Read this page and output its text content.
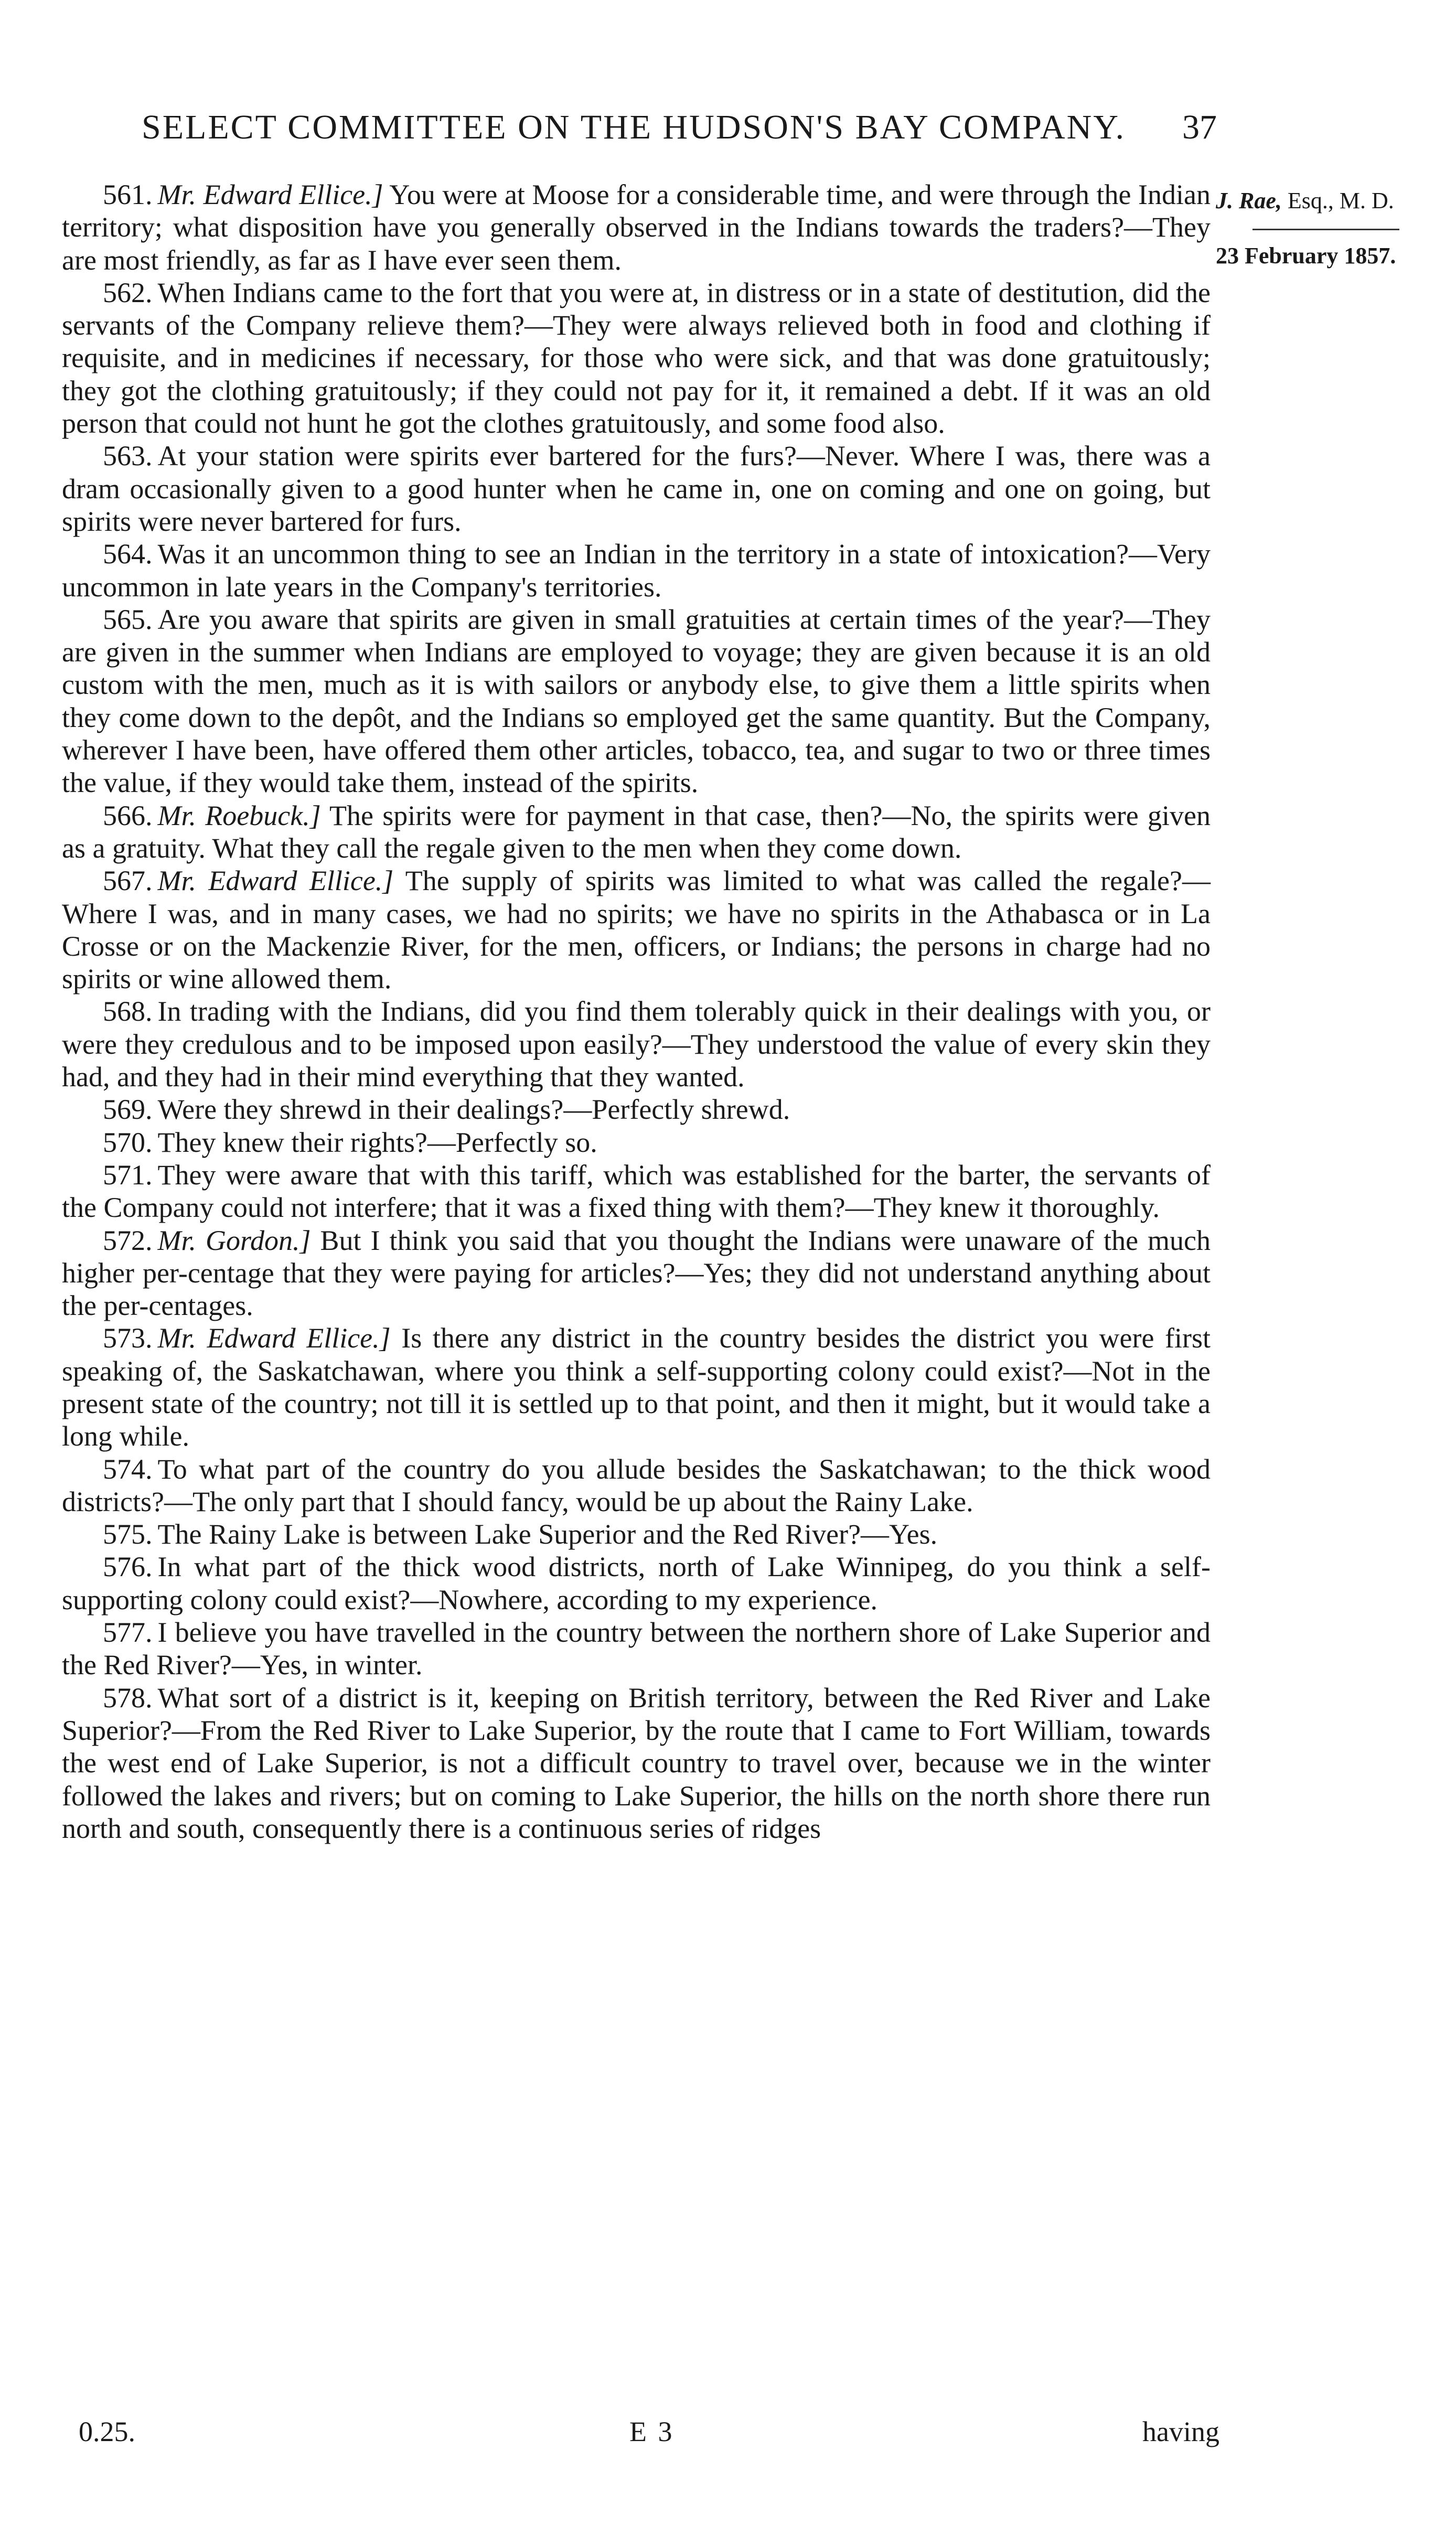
SELECT COMMITTEE ON THE HUDSON'S BAY COMPANY. 37
J. Rae, Esq., M. D.
23 February 1857.

561. Mr. Edward Ellice.] You were at Moose for a considerable time, and were through the Indian territory; what disposition have you generally observed in the Indians towards the traders?—They are most friendly, as far as I have ever seen them.

562. When Indians came to the fort that you were at, in distress or in a state of destitution, did the servants of the Company relieve them?—They were always relieved both in food and clothing if requisite, and in medicines if necessary, for those who were sick, and that was done gratuitously; they got the clothing gratuitously; if they could not pay for it, it remained a debt. If it was an old person that could not hunt he got the clothes gratuitously, and some food also.

563. At your station were spirits ever bartered for the furs?—Never. Where I was, there was a dram occasionally given to a good hunter when he came in, one on coming and one on going, but spirits were never bartered for furs.

564. Was it an uncommon thing to see an Indian in the territory in a state of intoxication?—Very uncommon in late years in the Company's territories.

565. Are you aware that spirits are given in small gratuities at certain times of the year?—They are given in the summer when Indians are employed to voyage; they are given because it is an old custom with the men, much as it is with sailors or anybody else, to give them a little spirits when they come down to the depôt, and the Indians so employed get the same quantity. But the Company, wherever I have been, have offered them other articles, tobacco, tea, and sugar to two or three times the value, if they would take them, instead of the spirits.

566. Mr. Roebuck.] The spirits were for payment in that case, then?—No, the spirits were given as a gratuity. What they call the regale given to the men when they come down.

567. Mr. Edward Ellice.] The supply of spirits was limited to what was called the regale?—Where I was, and in many cases, we had no spirits; we have no spirits in the Athabasca or in La Crosse or on the Mackenzie River, for the men, officers, or Indians; the persons in charge had no spirits or wine allowed them.

568. In trading with the Indians, did you find them tolerably quick in their dealings with you, or were they credulous and to be imposed upon easily?—They understood the value of every skin they had, and they had in their mind everything that they wanted.

569. Were they shrewd in their dealings?—Perfectly shrewd.

570. They knew their rights?—Perfectly so.

571. They were aware that with this tariff, which was established for the barter, the servants of the Company could not interfere; that it was a fixed thing with them?—They knew it thoroughly.

572. Mr. Gordon.] But I think you said that you thought the Indians were unaware of the much higher per-centage that they were paying for articles?—Yes; they did not understand anything about the per-centages.

573. Mr. Edward Ellice.] Is there any district in the country besides the district you were first speaking of, the Saskatchawan, where you think a self-supporting colony could exist?—Not in the present state of the country; not till it is settled up to that point, and then it might, but it would take a long while.

574. To what part of the country do you allude besides the Saskatchawan; to the thick wood districts?—The only part that I should fancy, would be up about the Rainy Lake.

575. The Rainy Lake is between Lake Superior and the Red River?—Yes.

576. In what part of the thick wood districts, north of Lake Winnipeg, do you think a self-supporting colony could exist?—Nowhere, according to my experience.

577. I believe you have travelled in the country between the northern shore of Lake Superior and the Red River?—Yes, in winter.

578. What sort of a district is it, keeping on British territory, between the Red River and Lake Superior?—From the Red River to Lake Superior, by the route that I came to Fort William, towards the west end of Lake Superior, is not a difficult country to travel over, because we in the winter followed the lakes and rivers; but on coming to Lake Superior, the hills on the north shore there run north and south, consequently there is a continuous series of ridges

0.25.	E 3	having
